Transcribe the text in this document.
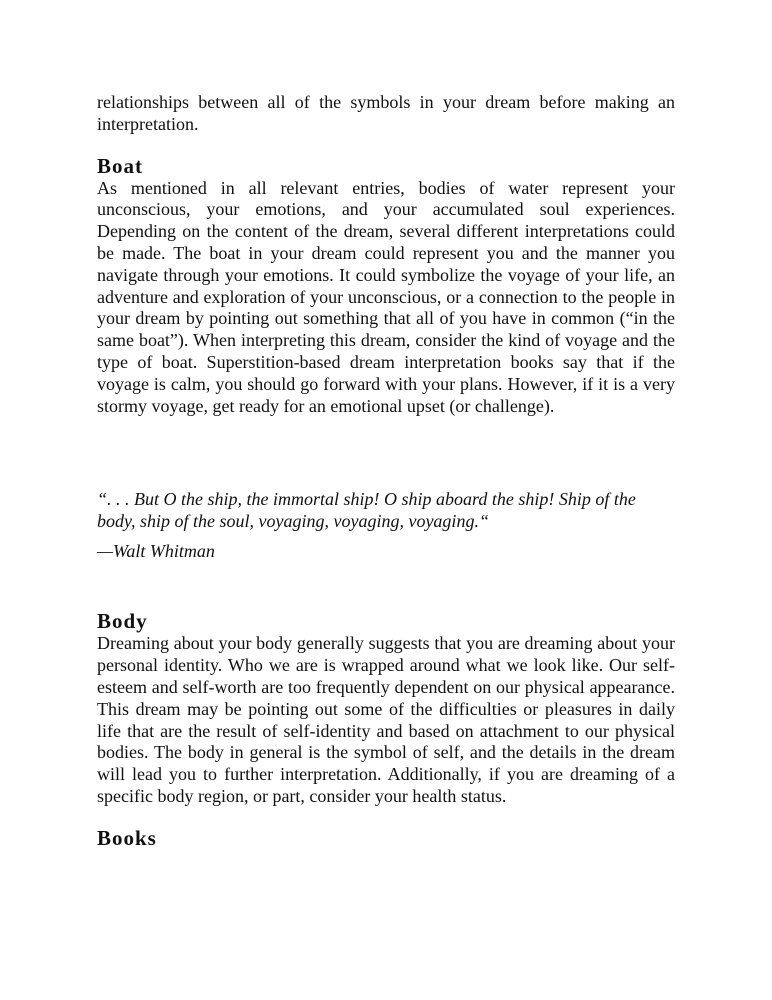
relationships between all of the symbols in your dream before making an interpretation.

Boat

As mentioned in all relevant entries, bodies of water represent your unconscious, your emotions, and your accumulated soul experiences. Depending on the content of the dream, several different interpretations could be made. The boat in your dream could represent you and the manner you navigate through your emotions. It could symbolize the voyage of your life, an adventure and exploration of your unconscious, or a connection to the people in your dream by pointing out something that all of you have in common (“in the same boat”). When interpreting this dream, consider the kind of voyage and the type of boat. Superstition-based dream interpretation books say that if the voyage is calm, you should go forward with your plans. However, if it is a very stormy voyage, get ready for an emotional upset (or challenge).

“. . . But O the ship, the immortal ship! O ship aboard the ship! Ship of the body, ship of the soul, voyaging, voyaging, voyaging.“

—Walt Whitman

Body

Dreaming about your body generally suggests that you are dreaming about your personal identity. Who we are is wrapped around what we look like. Our self-esteem and self-worth are too frequently dependent on our physical appearance. This dream may be pointing out some of the difficulties or pleasures in daily life that are the result of self-identity and based on attachment to our physical bodies. The body in general is the symbol of self, and the details in the dream will lead you to further interpretation. Additionally, if you are dreaming of a specific body region, or part, consider your health status.

Books
